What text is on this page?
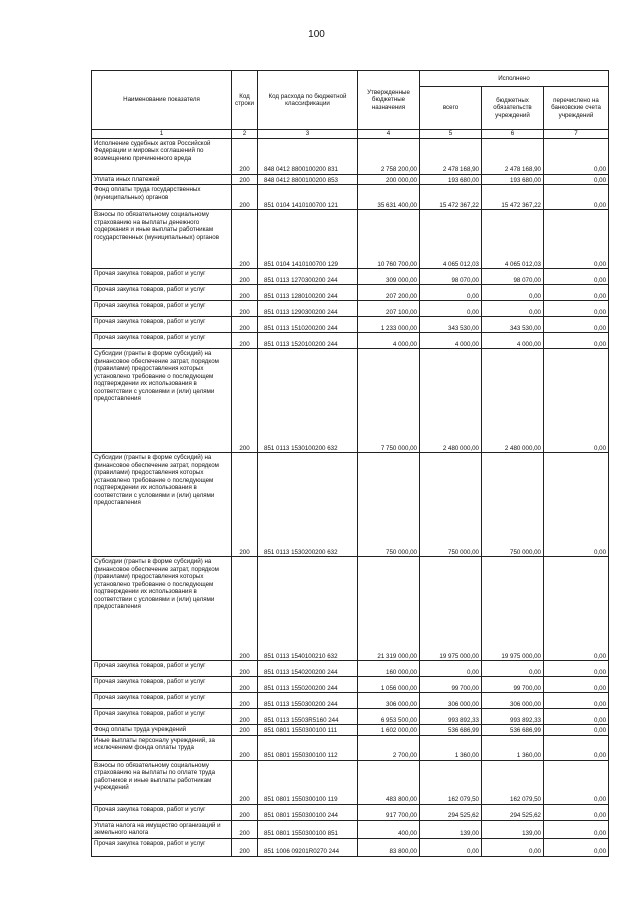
100
Наименование показателя	Код строки	Код расхода по бюджетной классификации	Утвержденные бюджетные назначения	Исполнено		
				всего	бюджетных обязательств учреждений	перечислено на банковские счета учреждений
1	2	3	4	5	6	7
Исполнение судебных актов Российской Федерации и мировых соглашений по возмещению причиненного вреда	200	848 0412 8800100200 831	2 758 200,00	2 478 168,90	2 478 168,90	0,00
Уплата иных платежей	200	848 0412 8800100200 853	200 000,00	193 680,00	193 680,00	0,00
Фонд оплаты труда государственных (муниципальных) органов	200	851 0104 1410100700 121	35 631 400,00	15 472 367,22	15 472 367,22	0,00
Взносы по обязательному социальному страхованию на выплаты денежного содержания и иные выплаты работникам государственных (муниципальных) органов	200	851 0104 1410100700 129	10 760 700,00	4 065 012,03	4 065 012,03	0,00
Прочая закупка товаров, работ и услуг	200	851 0113 1270300200 244	309 000,00	98 070,00	98 070,00	0,00
Прочая закупка товаров, работ и услуг	200	851 0113 1280100200 244	207 200,00	0,00	0,00	0,00
Прочая закупка товаров, работ и услуг	200	851 0113 1290300200 244	207 100,00	0,00	0,00	0,00
Прочая закупка товаров, работ и услуг	200	851 0113 1510200200 244	1 233 000,00	343 530,00	343 530,00	0,00
Прочая закупка товаров, работ и услуг	200	851 0113 1520100200 244	4 000,00	4 000,00	4 000,00	0,00
Субсидии (гранты в форме субсидий) на финансовое обеспечение затрат, порядком (правилами) предоставления которых установлено требование о последующем подтверждении их использования в соответствии с условиями и (или) целями предоставления	200	851 0113 1530100200 632	7 750 000,00	2 480 000,00	2 480 000,00	0,00
Субсидии (гранты в форме субсидий) на финансовое обеспечение затрат, порядком (правилами) предоставления которых установлено требование о последующем подтверждении их использования в соответствии с условиями и (или) целями предоставления	200	851 0113 1530200200 632	750 000,00	750 000,00	750 000,00	0,00
Субсидии (гранты в форме субсидий) на финансовое обеспечение затрат, порядком (правилами) предоставления которых установлено требование о последующем подтверждении их использования в соответствии с условиями и (или) целями предоставления	200	851 0113 1540100210 632	21 319 000,00	19 975 000,00	19 975 000,00	0,00
Прочая закупка товаров, работ и услуг	200	851 0113 1540200200 244	160 000,00	0,00	0,00	0,00
Прочая закупка товаров, работ и услуг	200	851 0113 1550200200 244	1 056 000,00	99 700,00	99 700,00	0,00
Прочая закупка товаров, работ и услуг	200	851 0113 1550300200 244	306 000,00	306 000,00	306 000,00	0,00
Прочая закупка товаров, работ и услуг	200	851 0113 15503R5160 244	6 953 500,00	993 892,33	993 892,33	0,00
Фонд оплаты труда учреждений	200	851 0801 1550300100 111	1 602 000,00	536 686,99	536 686,99	0,00
Иные выплаты персоналу учреждений, за исключением фонда оплаты труда	200	851 0801 1550300100 112	2 700,00	1 360,00	1 360,00	0,00
Взносы по обязательному социальному страхованию на выплаты по оплате труда работников и иные выплаты работникам учреждений	200	851 0801 1550300100 119	483 800,00	162 079,50	162 079,50	0,00
Прочая закупка товаров, работ и услуг	200	851 0801 1550300100 244	917 700,00	294 525,62	294 525,62	0,00
Уплата налога на имущество организаций и земельного налога	200	851 0801 1550300100 851	400,00	139,00	139,00	0,00
Прочая закупка товаров, работ и услуг	200	851 1006 09201R0270 244	83 800,00	0,00	0,00	0,00
